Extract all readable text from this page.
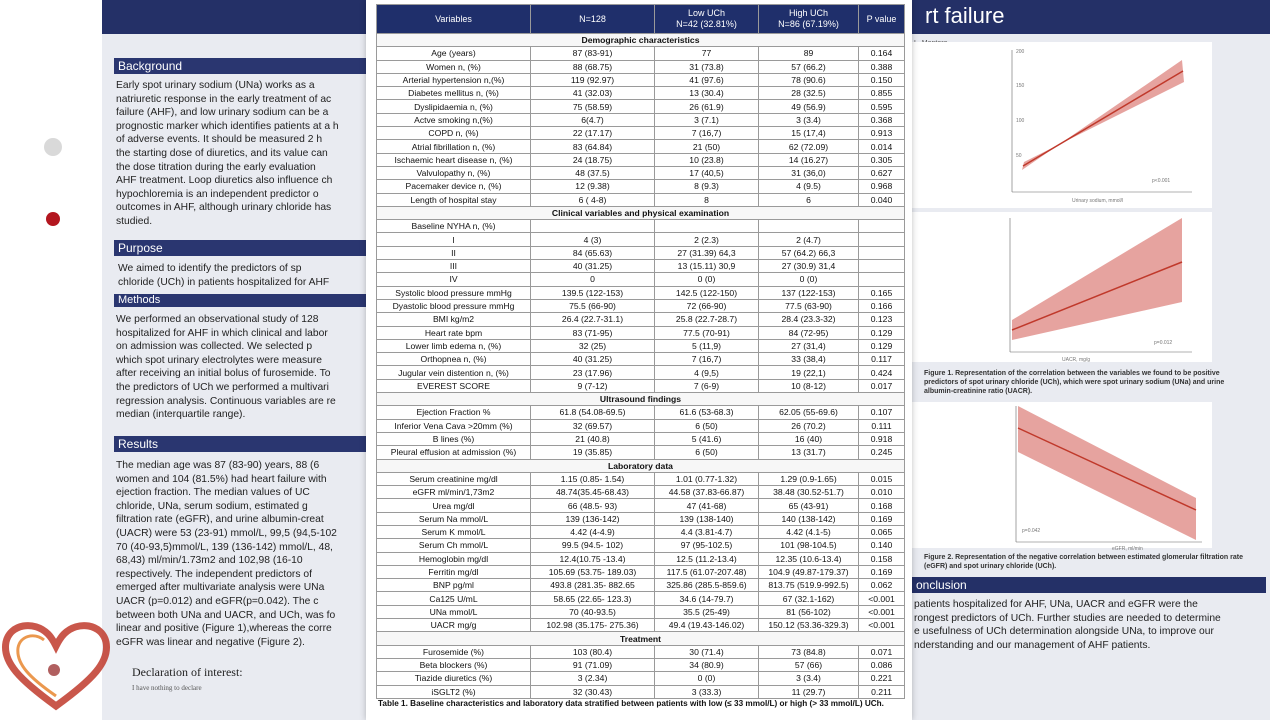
rt failure
Background
Early spot urinary sodium (UNa) works as a
natriuretic response in the early treatment of ac
failure (AHF), and low urinary sodium can be a
prognostic marker which identifies patients at a h
of adverse events. It should be measured 2 h
the starting dose of diuretics, and its value can
the dose titration during the early evaluation
AHF treatment. Loop diuretics also influence ch
hypochloremia is an independent predictor o
outcomes in AHF, although urinary chloride has
studied.
Purpose
We aimed to identify the predictors of sp
chloride (UCh) in patients hospitalized for AHF
Methods
We performed an observational study of 128
hospitalized for AHF in which clinical and labor
on admission was collected. We selected p
which spot urinary electrolytes were measure
after receiving an initial bolus of furosemide. To
the predictors of UCh we performed a multivari
regression analysis. Continuous variables are re
median (interquartile range).
Results
The median age was 87 (83-90) years, 88 (6
women and 104 (81.5%) had heart failure with
ejection fraction. The median values of UC
chloride, UNa, serum sodium, estimated g
filtration rate (eGFR), and urine albumin-creat
(UACR) were 53 (23-91) mmol/L, 99,5 (94,5-102
70 (40-93,5)mmol/L, 139 (136-142) mmol/L, 48,
68,43) ml/min/1.73m2 and 102,98 (16-10
respectively. The independent predictors of
emerged after multivariate analysis were UNa
UACR (p=0.012) and eGFR(p=0.042). The c
between both UNa and UACR, and UCh, was fo
linear and positive (Figure 1),whereas the corre
eGFR was linear and negative (Figure 2).
200
150
100
50
Urinary sodium, mmol/l
p<0.001
UACR, mg/g
p=0.012
Figure 1. Representation of the correlation between the variables we found to be positive predictors of spot urinary chloride (UCh), which were spot urinary sodium (UNa) and urine albumin-creatinine ratio (UACR).
eGFR, ml/min
p=0.042
Figure 2. Representation of the negative correlation between estimated glomerular filtration rate (eGFR) and spot urinary chloride (UCh).
onclusion
patients hospitalized for AHF, UNa, UACR and eGFR were the
rongest predictors of UCh. Further studies are needed to determine
e usefulness of UCh determination alongside UNa, to improve our
nderstanding and our management of AHF patients.
Declaration of interest:
I have nothing to declare
Variables	N=128	Low UCh
N=42 (32.81%)	High UCh
N=86 (67.19%)	P value
Demographic characteristics				
Age (years)	87 (83-91)	77	89	0.164
Women n, (%)	88 (68.75)	31 (73.8)	57 (66.2)	0.388
Arterial hypertension n,(%)	119 (92.97)	41 (97.6)	78 (90.6)	0.150
Diabetes mellitus n, (%)	41 (32.03)	13 (30.4)	28 (32.5)	0.855
Dyslipidaemia n, (%)	75 (58.59)	26 (61.9)	49 (56.9)	0.595
Actve smoking n,(%)	6(4.7)	3 (7.1)	3 (3.4)	0.368
COPD n, (%)	22 (17.17)	7 (16,7)	15 (17,4)	0.913
Atrial fibrillation n, (%)	83 (64.84)	21 (50)	62 (72.09)	0.014
Ischaemic heart disease n, (%)	24 (18.75)	10 (23.8)	14 (16.27)	0.305
Valvulopathy n, (%)	48 (37.5)	17 (40,5)	31 (36,0)	0.627
Pacemaker device n, (%)	12 (9.38)	8 (9.3)	4 (9.5)	0.968
Length of hospital stay	6 ( 4-8)	8	6	0.040
Clinical variables and physical examination				
Baseline NYHA n, (%)				
I	4 (3)	2 (2.3)	2 (4.7)	
II	84 (65.63)	27 (31.39) 64,3	57 (64.2) 66,3	
III	40 (31.25)	13 (15.11) 30,9	27 (30.9) 31,4	
IV	0	0 (0)	0 (0)	
Systolic blood pressure mmHg	139.5 (122-153)	142.5 (122-150)	137 (122-153)	0.165
Dyastolic blood pressure mmHg	75.5 (66-90)	72 (66-90)	77.5 (63-90)	0.166
BMI kg/m2	26.4 (22.7-31.1)	25.8 (22.7-28.7)	28.4 (23.3-32)	0.123
Heart rate bpm	83 (71-95)	77.5 (70-91)	84 (72-95)	0.129
Lower limb edema n, (%)	32 (25)	5 (11,9)	27 (31,4)	0.129
Orthopnea n, (%)	40 (31.25)	7 (16,7)	33 (38,4)	0.117
Jugular vein distention n, (%)	23 (17.96)	4 (9,5)	19 (22,1)	0.424
EVEREST SCORE	9 (7-12)	7 (6-9)	10 (8-12)	0.017
Ultrasound findings				
Ejection Fraction %	61.8 (54.08-69.5)	61.6 (53-68.3)	62.05 (55-69.6)	0.107
Inferior Vena Cava >20mm (%)	32 (69.57)	6 (50)	26 (70.2)	0.111
B lines (%)	21 (40.8)	5 (41.6)	16 (40)	0.918
Pleural effusion at admission (%)	19 (35.85)	6 (50)	13 (31.7)	0.245
Laboratory data				
Serum creatinine mg/dl	1.15 (0.85- 1.54)	1.01 (0.77-1.32)	1.29 (0.9-1.65)	0.015
eGFR ml/min/1,73m2	48.74(35.45-68.43)	44.58 (37.83-66.87)	38.48 (30.52-51.7)	0.010
Urea mg/dl	66 (48.5- 93)	47 (41-68)	65 (43-91)	0.168
Serum Na mmol/L	139 (136-142)	139 (138-140)	140 (138-142)	0.169
Serum K mmol/L	4.42 (4-4.9)	4.4 (3.81-4.7)	4.42 (4.1-5)	0.065
Serum Ch mmol/L	99.5 (94.5- 102)	97 (95-102.5)	101 (98-104.5)	0.140
Hemoglobin mg/dl	12.4(10.75 -13.4)	12.5 (11.2-13.4)	12.35 (10.6-13.4)	0.158
Ferritin mg/dl	105.69 (53.75- 189.03)	117.5 (61.07-207.48)	104.9 (49.87-179.37)	0.169
BNP pg/ml	493.8 (281.35- 882.65	325.86 (285.5-859.6)	813.75 (519.9-992.5)	0.062
Ca125 U/mL	58.65 (22.65- 123.3)	34.6 (14-79.7)	67 (32.1-162)	<0.001
UNa mmol/L	70 (40-93.5)	35.5 (25-49)	81 (56-102)	<0.001
UACR mg/g	102.98 (35.175- 275.36)	49.4 (19.43-146.02)	150.12 (53.36-329.3)	<0.001
Treatment				
Furosemide (%)	103 (80.4)	30 (71.4)	73 (84.8)	0.071
Beta blockers (%)	91 (71.09)	34 (80.9)	57 (66)	0.086
Tiazide diuretics (%)	3 (2.34)	0 (0)	3 (3.4)	0.221
iSGLT2 (%)	32 (30.43)	3 (33.3)	11 (29.7)	0.211
Table 1. Baseline characteristics and laboratory data stratified between patients with low (≤ 33 mmol/L) or high (> 33 mmol/L) UCh.
